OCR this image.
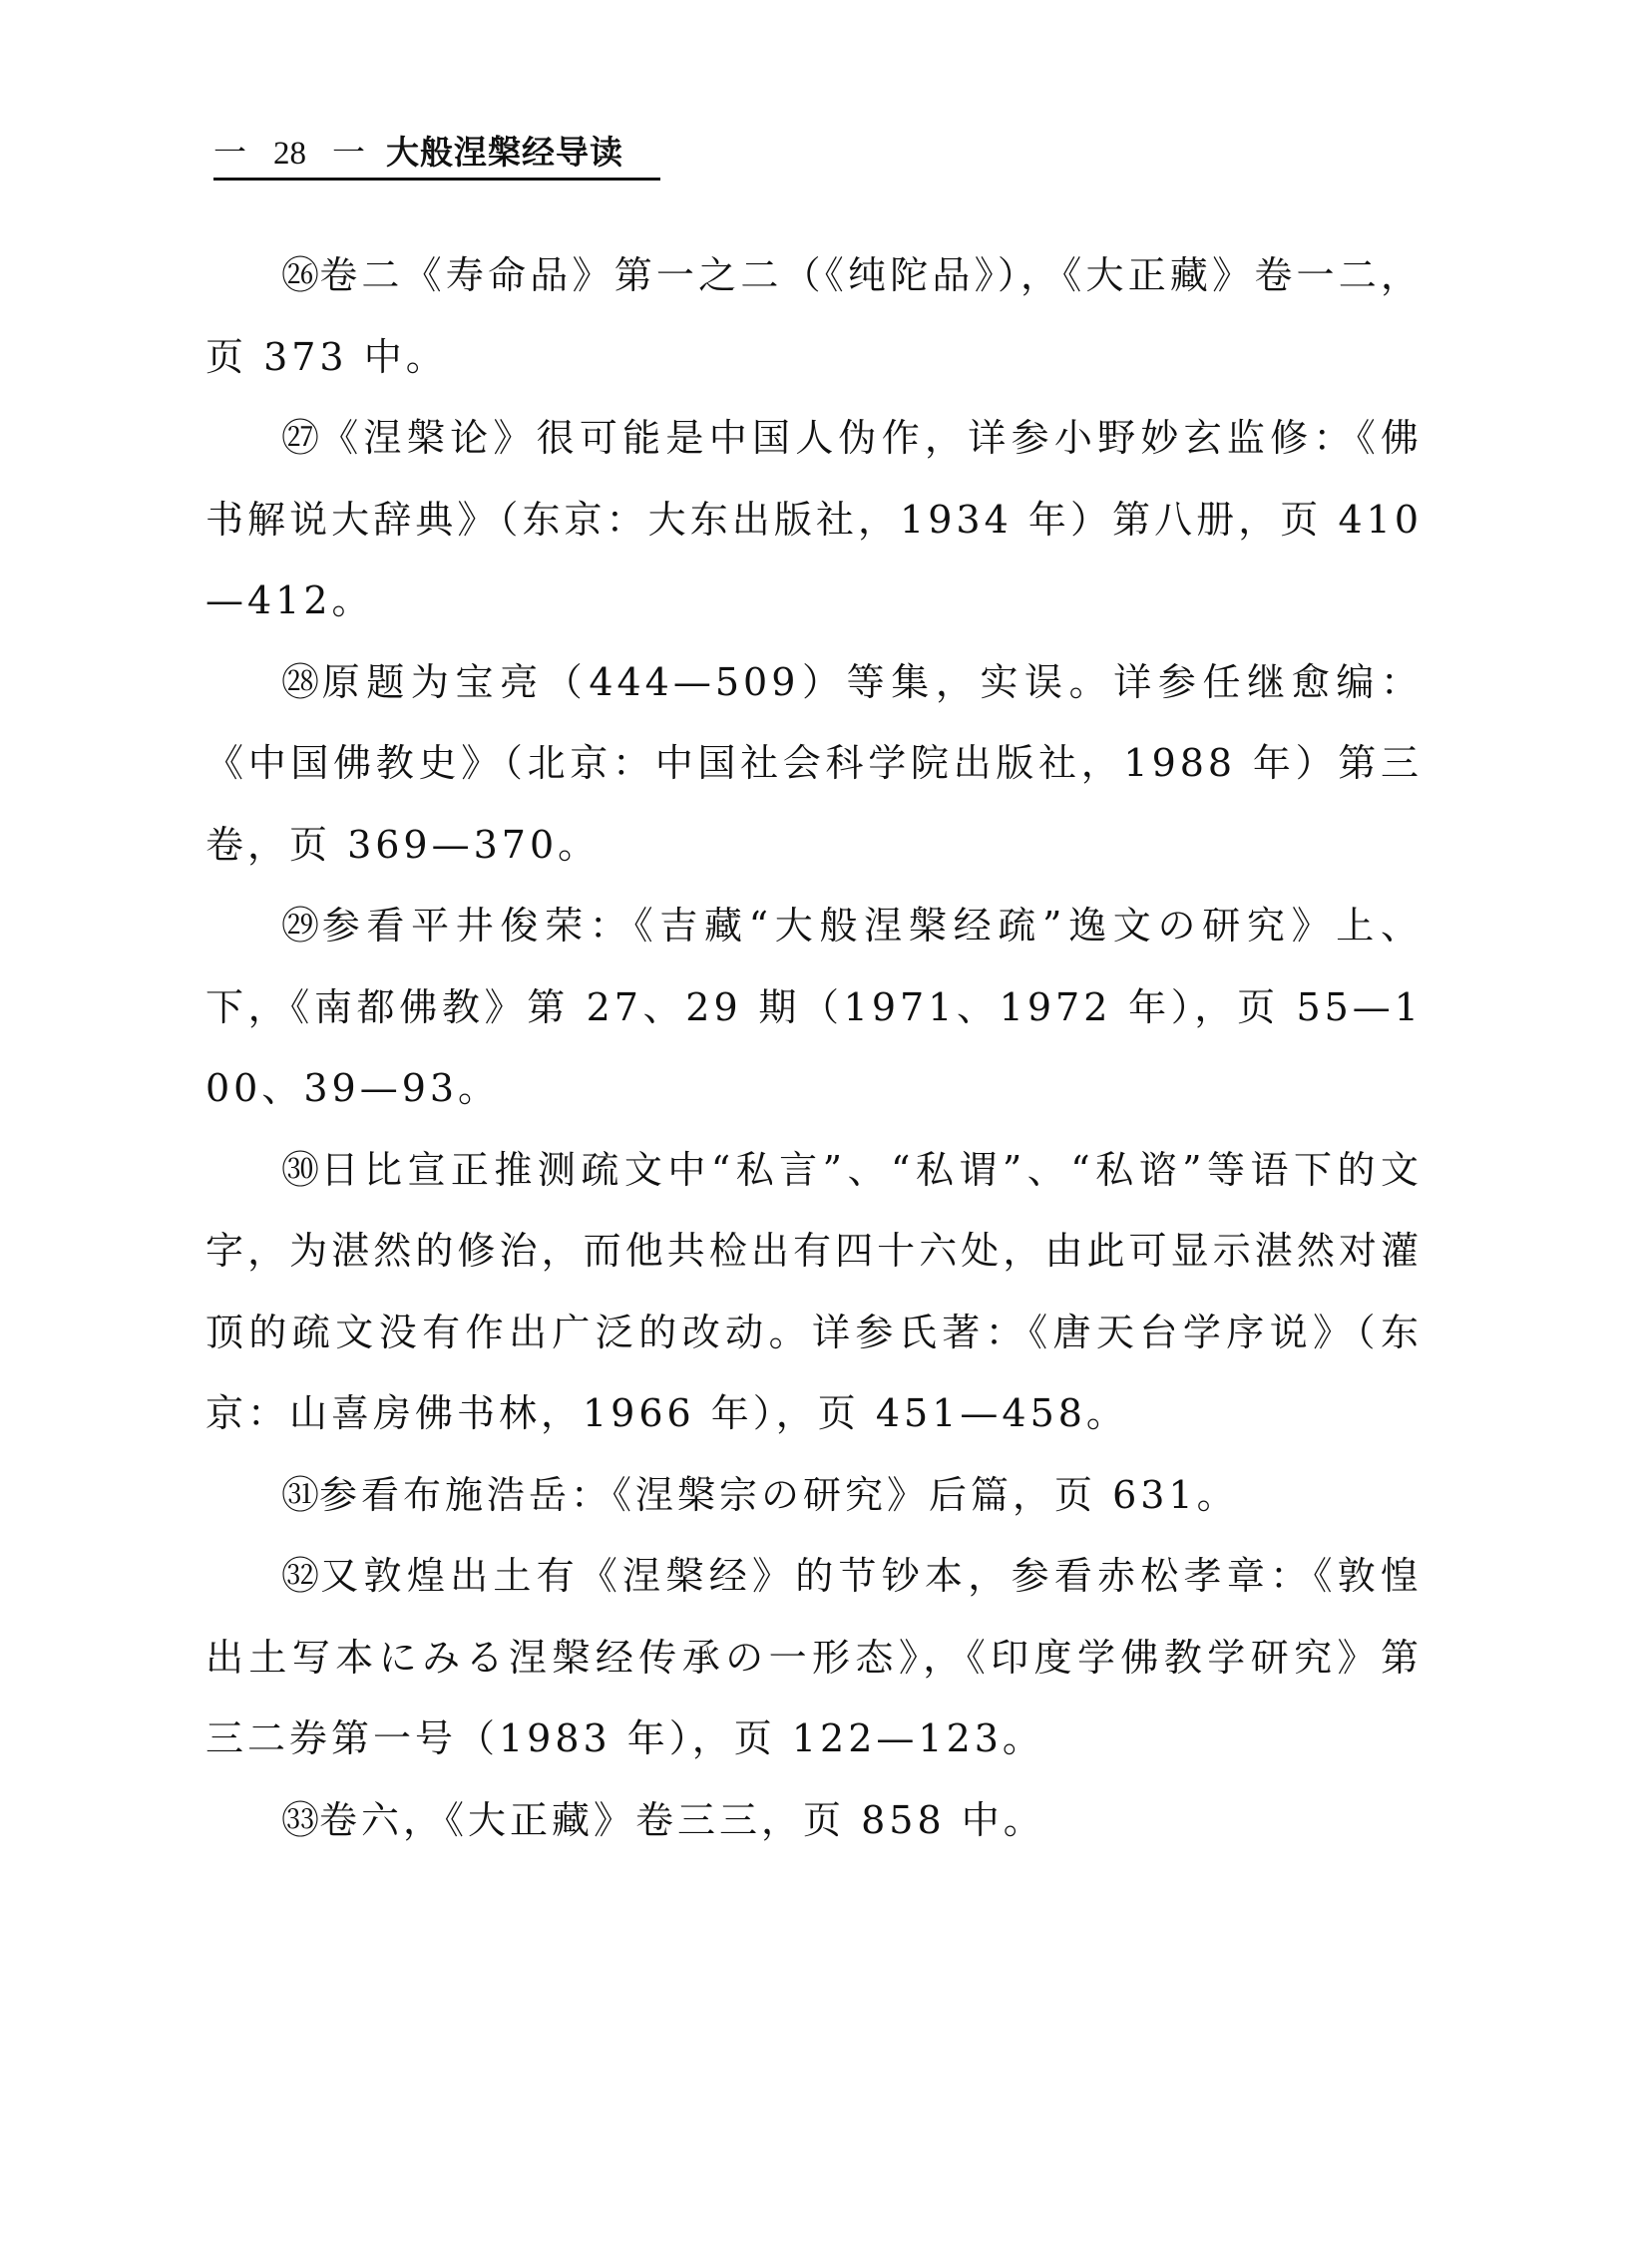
一 28 一 大般涅槃经导读

㉖卷二《寿命品》第一之二（《纯陀品》），《大正藏》卷一二，页 373 中。

㉗《涅槃论》很可能是中国人伪作，详参小野妙玄监修：《佛书解说大辞典》（东京：大东出版社，1934 年）第八册，页 410—412。

㉘原题为宝亮（444—509）等集，实误。详参任继愈编：《中国佛教史》（北京：中国社会科学院出版社，1988 年）第三卷，页 369—370。

㉙参看平井俊荣：《吉藏“大般涅槃经疏”逸文の研究》上、下，《南都佛教》第 27、29 期（1971、1972 年），页 55—100、39—93。

㉚日比宣正推测疏文中“私言”、“私谓”、“私谘”等语下的文字，为湛然的修治，而他共检出有四十六处，由此可显示湛然对灌顶的疏文没有作出广泛的改动。详参氏著：《唐天台学序说》（东京：山喜房佛书林，1966 年），页 451—458。

㉛参看布施浩岳：《涅槃宗の研究》后篇，页 631。

㉜又敦煌出土有《涅槃经》的节钞本，参看赤松孝章：《敦惶出土写本にみる涅槃经传承の一形态》，《印度学佛教学研究》第三二券第一号（1983 年），页 122—123。

㉝卷六，《大正藏》卷三三，页 858 中。
